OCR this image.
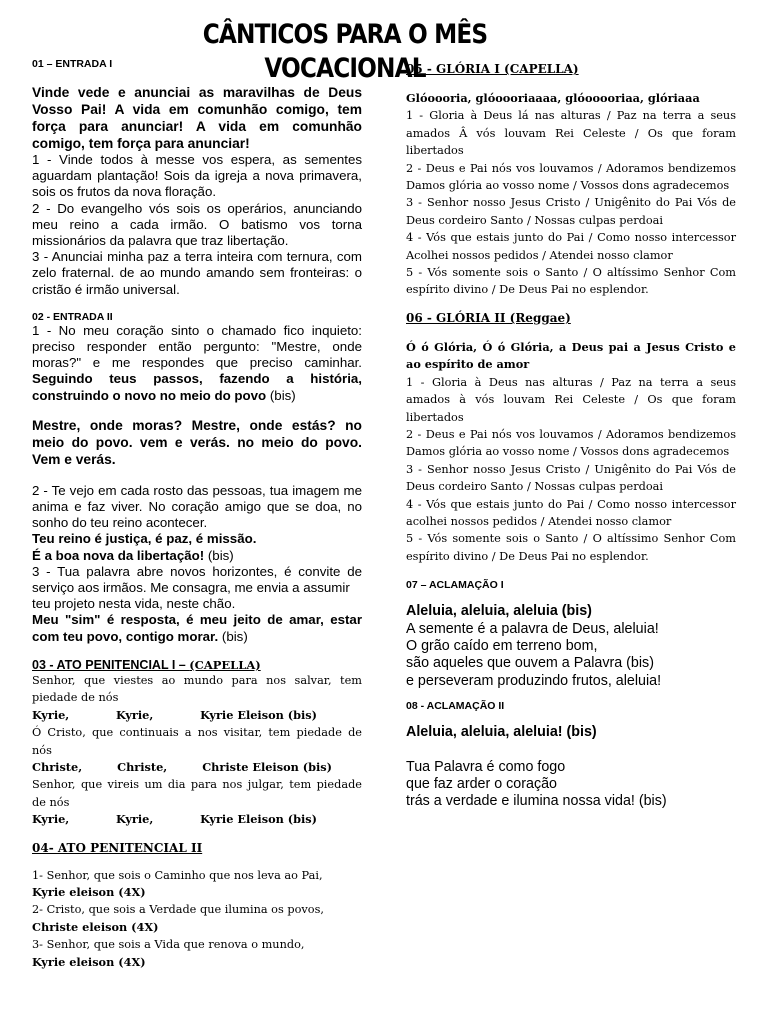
CÂNTICOS PARA O MÊS VOCACIONAL

01 – ENTRADA I

Vinde vede e anunciai as maravilhas de Deus Vosso Pai! A vida em comunhão comigo, tem força para anunciar! A vida em comunhão comigo, tem força para anunciar!

1 - Vinde todos à messe vos espera, as sementes aguardam plantação! Sois da igreja a nova primavera, sois os frutos da nova floração.

2 - Do evangelho vós sois os operários, anunciando meu reino a cada irmão. O batismo vos torna missionários da palavra que traz libertação.

3 - Anunciai minha paz a terra inteira com ternura, com zelo fraternal. de ao mundo amando sem fronteiras: o cristão é irmão universal.

02 - ENTRADA II

1 - No meu coração sinto o chamado fico inquieto: preciso responder então pergunto: "Mestre, onde moras?" e me respondes que preciso caminhar. Seguindo teus passos, fazendo a história, construindo o novo no meio do povo (bis)

Mestre, onde moras? Mestre, onde estás? no meio do povo. vem e verás. no meio do povo. Vem e verás.

2 - Te vejo em cada rosto das pessoas, tua imagem me anima e faz viver. No coração amigo que se doa, no sonho do teu reino acontecer.

Teu reino é justiça, é paz, é missão.

É a boa nova da libertação! (bis)

3 - Tua palavra abre novos horizontes, é convite de serviço aos irmãos. Me consagra, me envia a assumir

teu projeto nesta vida, neste chão.

Meu "sim" é resposta, é meu jeito de amar, estar com teu povo, contigo morar. (bis)

03 - ATO PENITENCIAL I – (CAPELLA)

Senhor, que viestes ao mundo para nos salvar, tem piedade de nós

Kyrie,	Kyrie,	Kyrie Eleison (bis)

Ó Cristo, que continuais a nos visitar, tem piedade de nós

Christe,	Christe,	Christe Eleison (bis)

Senhor, que vireis um dia para nos julgar, tem piedade de nós

Kyrie,	Kyrie,	Kyrie Eleison (bis)

04- ATO PENITENCIAL II

1- Senhor, que sois o Caminho que nos leva ao Pai,

Kyrie eleison (4X)

2- Cristo, que sois a Verdade que ilumina os povos,

Christe eleison (4X)

3- Senhor, que sois a Vida que renova o mundo,

Kyrie eleison (4X)

05 - GLÓRIA I (CAPELLA)

Glóoooria, glóoooriaaaa, glóooooriaa, glóriaaa

1 - Gloria à Deus lá nas alturas / Paz na terra a seus amados Â vós louvam Rei Celeste / Os que foram libertados

2 - Deus e Pai nós vos louvamos / Adoramos bendizemos Damos glória ao vosso nome / Vossos dons agradecemos

3 - Senhor nosso Jesus Cristo / Unigênito do Pai Vós de Deus cordeiro Santo / Nossas culpas perdoai

4 - Vós que estais junto do Pai / Como nosso intercessor Acolhei nossos pedidos / Atendei nosso clamor

5 - Vós somente sois o Santo / O altíssimo Senhor Com espírito divino / De Deus Pai no esplendor.

06 - GLÓRIA II (Reggae)

Ó ó Glória, Ó ó Glória, a Deus pai a Jesus Cristo e ao espírito de amor

1 - Gloria à Deus nas alturas / Paz na terra a seus amados à vós louvam Rei Celeste / Os que foram libertados

2 - Deus e Pai nós vos louvamos / Adoramos bendizemos Damos glória ao vosso nome / Vossos dons agradecemos

3 - Senhor nosso Jesus Cristo / Unigênito do Pai Vós de Deus cordeiro Santo / Nossas culpas perdoai

4 - Vós que estais junto do Pai / Como nosso intercessor acolhei nossos pedidos / Atendei nosso clamor

5 - Vós somente sois o Santo / O altíssimo Senhor Com espírito divino / De Deus Pai no esplendor.

07 – ACLAMAÇÃO I

Aleluia, aleluia, aleluia (bis)

A semente é a palavra de Deus, aleluia!

O grão caído em terreno bom,

são aqueles que ouvem a Palavra (bis)

e perseveram produzindo frutos, aleluia!

08 - ACLAMAÇÃO II

Aleluia, aleluia, aleluia! (bis)

Tua Palavra é como fogo

que faz arder o coração

trás a verdade e ilumina nossa vida! (bis)
